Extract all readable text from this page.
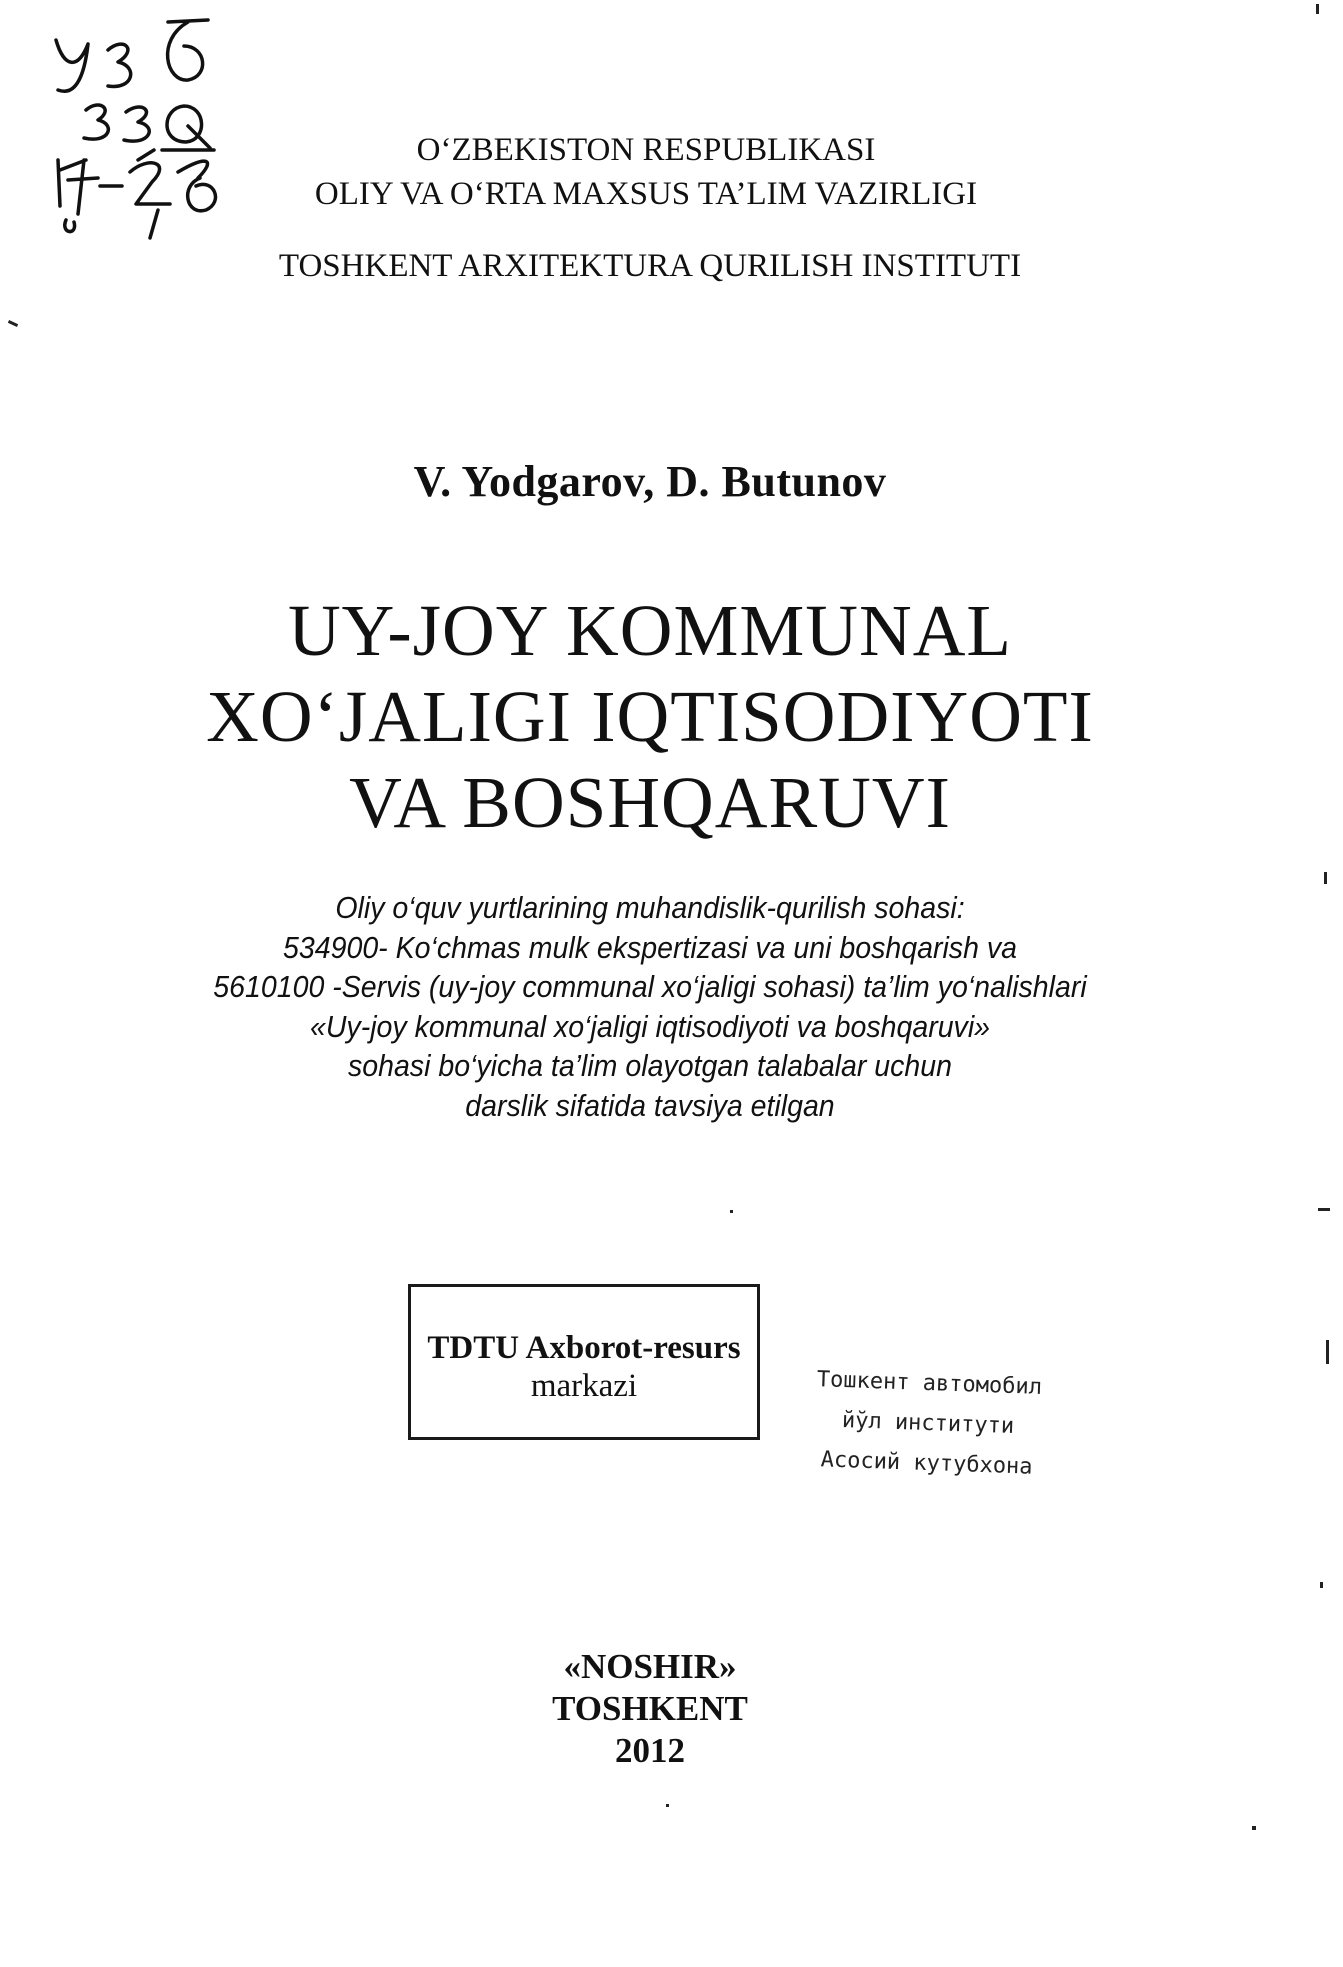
O‘ZBEKISTON RESPUBLIKASI
OLIY VA O‘RTA MAXSUS TA’LIM VAZIRLIGI
TOSHKENT ARXITEKTURA QURILISH INSTITUTI
V. Yodgarov, D. Butunov
UY-JOY KOMMUNAL
XO‘JALIGI IQTISODIYOTI
VA BOSHQARUVI
Oliy o‘quv yurtlarining muhandislik-qurilish sohasi:
534900- Ko‘chmas mulk ekspertizasi va uni boshqarish va
5610100 -Servis (uy-joy communal xo‘jaligi sohasi) ta’lim yo‘nalishlari
«Uy-joy kommunal xo‘jaligi iqtisodiyoti va boshqaruvi»
sohasi bo‘yicha ta’lim olayotgan talabalar uchun
darslik sifatida tavsiya etilgan
TDTU Axborot-resurs
markazi	Тошкент автомобил
йўл институти
Асосий кутубхона
«NOSHIR»
TOSHKENT
2012
